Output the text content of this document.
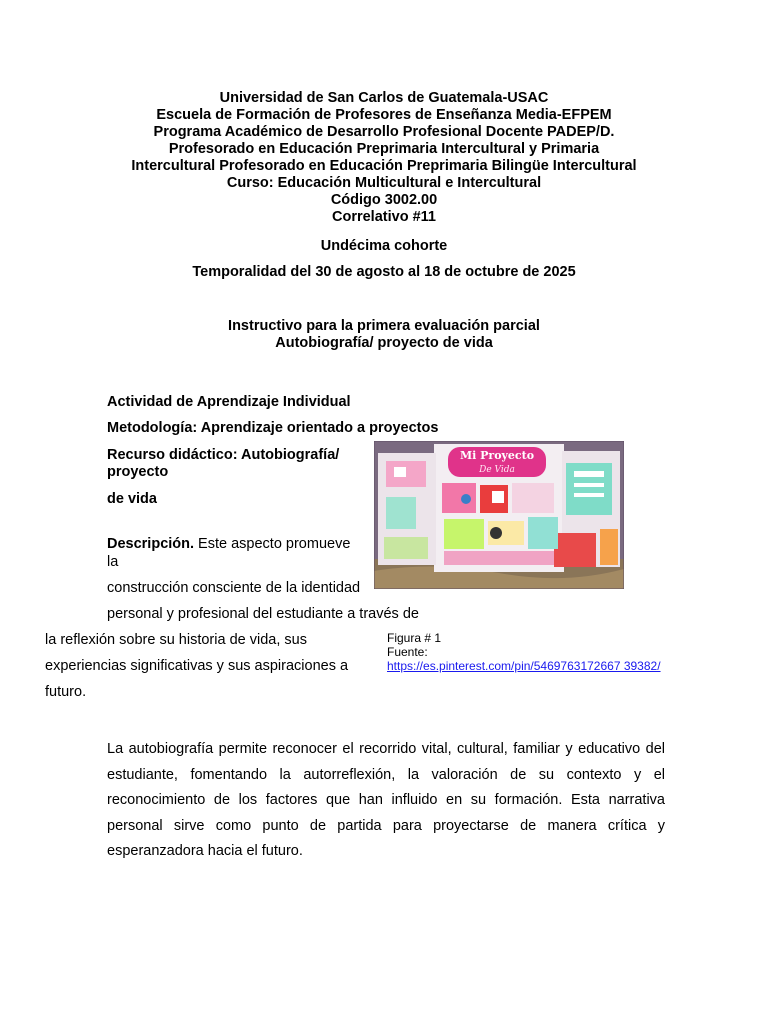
Universidad de San Carlos de Guatemala-USAC
Escuela de Formación de Profesores de Enseñanza Media-EFPEM
Programa Académico de Desarrollo Profesional Docente PADEP/D.
Profesorado en Educación Preprimaria Intercultural y Primaria
Intercultural Profesorado en Educación Preprimaria Bilingüe Intercultural
Curso: Educación Multicultural e Intercultural
Código 3002.00
Correlativo #11
Undécima cohorte
Temporalidad del 30 de agosto al 18 de octubre de 2025
Instructivo para la primera evaluación parcial
Autobiografía/ proyecto de vida
Actividad de Aprendizaje Individual
Metodología: Aprendizaje orientado a proyectos
Recurso didáctico: Autobiografía/
proyecto
de vida
Descripción. Este aspecto promueve
la
construcción consciente de la identidad
personal y profesional del estudiante a través de
la reflexión sobre su historia de vida, sus
experiencias significativas y sus aspiraciones a
futuro.
Mi Proyecto
De Vida
Figura # 1
Fuente:
https://es.pinterest.com/pin/5469763172667 39382/
La autobiografía permite reconocer el recorrido vital, cultural, familiar y educativo del estudiante, fomentando la autorreflexión, la valoración de su contexto y el reconocimiento de los factores que han influido en su formación. Esta narrativa personal sirve como punto de partida para proyectarse de manera crítica y esperanzadora hacia el futuro.
